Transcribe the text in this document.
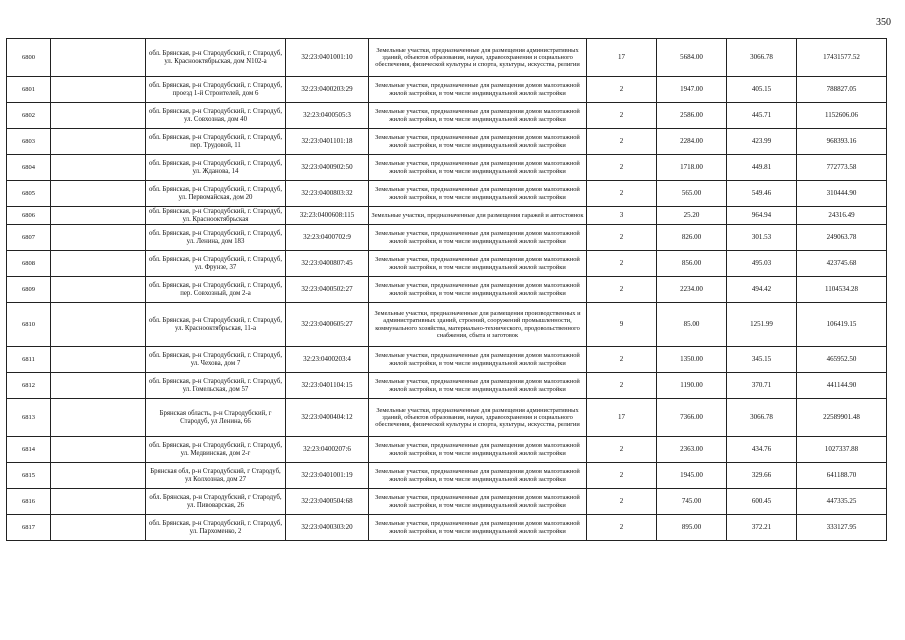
350
6800		обл. Брянская, р-н Стародубский, г. Стародуб, ул. Краснооктябрьская, дом N102-а	32:23:0401001:10	Земельные участки, предназначенные для размещения административных зданий, объектов образования, науки, здравоохранения и социального обеспечения, физической культуры и спорта, культуры, искусства, религии	17	5684.00	3066.78	17431577.52
6801		обл. Брянская, р-н Стародубский, г. Стародуб, проезд 1-й Строителей, дом 6	32:23:0400203:29	Земельные участки, предназначенные для размещения домов малоэтажной жилой застройки, в том числе индивидуальной жилой застройки	2	1947.00	405.15	788827.05
6802		обл. Брянская, р-н Стародубский, г. Стародуб, ул. Совхозная, дом 40	32:23:0400505:3	Земельные участки, предназначенные для размещения домов малоэтажной жилой застройки, в том числе индивидуальной жилой застройки	2	2586.00	445.71	1152606.06
6803		обл. Брянская, р-н Стародубский, г. Стародуб, пер. Трудовой, 11	32:23:0401101:18	Земельные участки, предназначенные для размещения домов малоэтажной жилой застройки, в том числе индивидуальной жилой застройки	2	2284.00	423.99	968393.16
6804		обл. Брянская, р-н Стародубский, г. Стародуб, ул. Жданова, 14	32:23:0400902:50	Земельные участки, предназначенные для размещения домов малоэтажной жилой застройки, в том числе индивидуальной жилой застройки	2	1718.00	449.81	772773.58
6805		обл. Брянская, р-н Стародубский, г. Стародуб, ул. Первомайская, дом 20	32:23:0400803:32	Земельные участки, предназначенные для размещения домов малоэтажной жилой застройки, в том числе индивидуальной жилой застройки	2	565.00	549.46	310444.90
6806		обл. Брянская, р-н Стародубский, г. Стародуб, ул. Краснооктябрьская	32:23:0400608:115	Земельные участки, предназначенные для размещения гаражей и автостоянок	3	25.20	964.94	24316.49
6807		обл. Брянская, р-н Стародубский, г. Стародуб, ул. Ленина, дом 183	32:23:0400702:9	Земельные участки, предназначенные для размещения домов малоэтажной жилой застройки, в том числе индивидуальной жилой застройки	2	826.00	301.53	249063.78
6808		обл. Брянская, р-н Стародубский, г. Стародуб, ул. Фрунзе, 37	32:23:0400807:45	Земельные участки, предназначенные для размещения домов малоэтажной жилой застройки, в том числе индивидуальной жилой застройки	2	856.00	495.03	423745.68
6809		обл. Брянская, р-н Стародубский, г. Стародуб, пер. Совхозный, дом 2-а	32:23:0400502:27	Земельные участки, предназначенные для размещения домов малоэтажной жилой застройки, в том числе индивидуальной жилой застройки	2	2234.00	494.42	1104534.28
6810		обл. Брянская, р-н Стародубский, г. Стародуб, ул. Краснооктябрьская, 11-а	32:23:0400605:27	Земельные участки, предназначенные для размещения производственных и административных зданий, строений, сооружений промышленности, коммунального хозяйства, материально-технического, продовольственного снабжения, сбыта и заготовок	9	85.00	1251.99	106419.15
6811		обл. Брянская, р-н Стародубский, г. Стародуб, ул. Чехова, дом 7	32:23:0400203:4	Земельные участки, предназначенные для размещения домов малоэтажной жилой застройки, в том числе индивидуальной жилой застройки	2	1350.00	345.15	465952.50
6812		обл. Брянская, р-н Стародубский, г. Стародуб, ул. Гомельская, дом 57	32:23:0401104:15	Земельные участки, предназначенные для размещения домов малоэтажной жилой застройки, в том числе индивидуальной жилой застройки	2	1190.00	370.71	441144.90
6813		Брянская область, р-н Стародубский, г Стародуб, ул Ленина, 66	32:23:0400404:12	Земельные участки, предназначенные для размещения административных зданий, объектов образования, науки, здравоохранения и социального обеспечения, физической культуры и спорта, культуры, искусства, религии	17	7366.00	3066.78	22589901.48
6814		обл. Брянская, р-н Стародубский, г. Стародуб, ул. Медвинская, дом 2-г	32:23:0400207:6	Земельные участки, предназначенные для размещения домов малоэтажной жилой застройки, в том числе индивидуальной жилой застройки	2	2363.00	434.76	1027337.88
6815		Брянская обл, р-н Стародубский, г Стародуб, ул Колхозная, дом 27	32:23:0401001:19	Земельные участки, предназначенные для размещения домов малоэтажной жилой застройки, в том числе индивидуальной жилой застройки	2	1945.00	329.66	641188.70
6816		обл. Брянская, р-н Стародубский, г Стародуб, ул. Пивоварская, 26	32:23:0400504:68	Земельные участки, предназначенные для размещения домов малоэтажной жилой застройки, в том числе индивидуальной жилой застройки	2	745.00	600.45	447335.25
6817		обл. Брянская, р-н Стародубский, г. Стародуб, ул. Пархоменко, 2	32:23:0400303:20	Земельные участки, предназначенные для размещения домов малоэтажной жилой застройки, в том числе индивидуальной жилой застройки	2	895.00	372.21	333127.95
